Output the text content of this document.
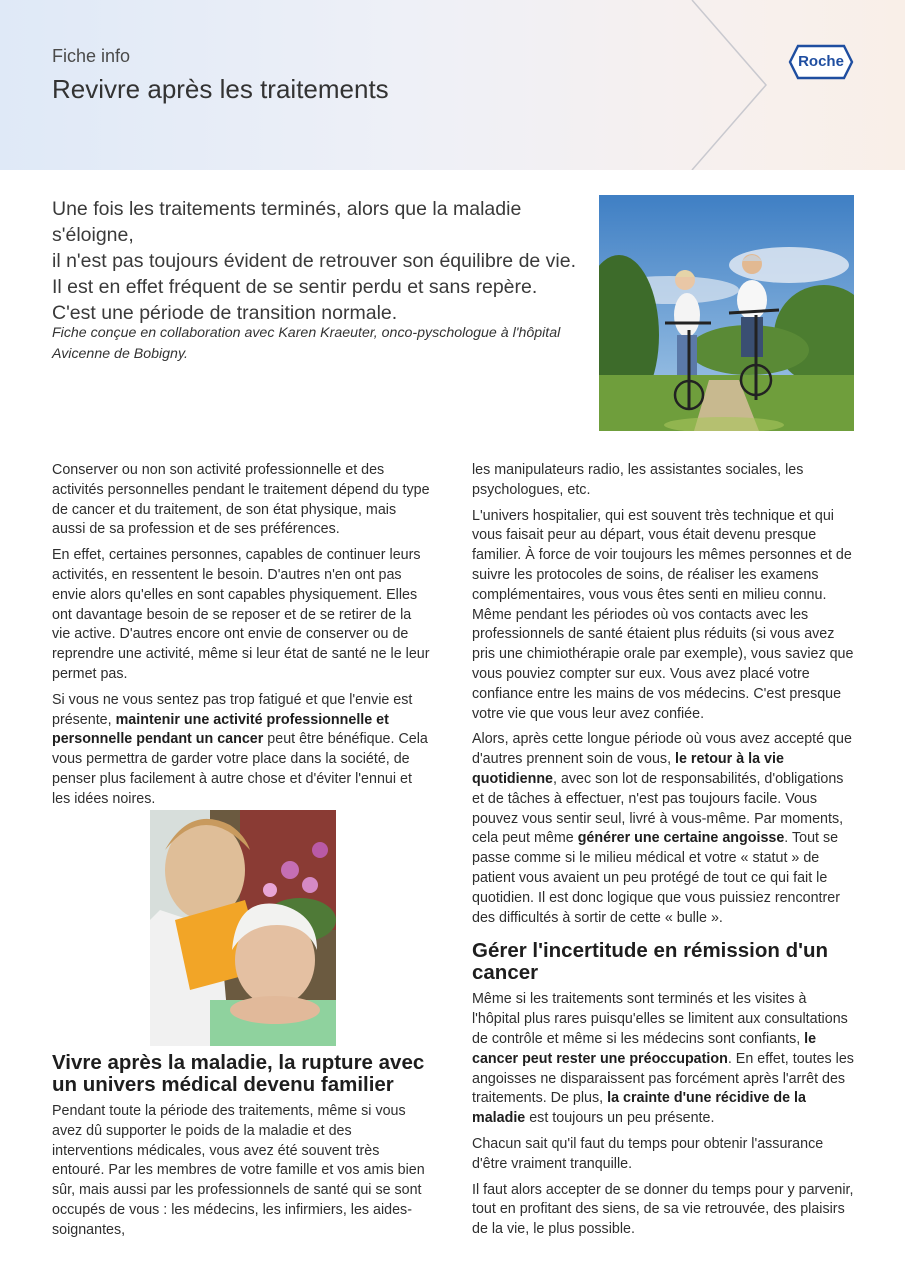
Fiche info
Revivre après les traitements
Roche

Une fois les traitements terminés, alors que la maladie s'éloigne,
il n'est pas toujours évident de retrouver son équilibre de vie.
Il est en effet fréquent de se sentir perdu et sans repère.
C'est une période de transition normale.

Fiche conçue en collaboration avec Karen Kraeuter, onco-pyschologue à l'hôpital Avicenne de Bobigny.

Conserver ou non son activité professionnelle et des activités personnelles pendant le traitement dépend du type de cancer et du traitement, de son état physique, mais aussi de sa profession et de ses préférences.

En effet, certaines personnes, capables de continuer leurs activités, en ressentent le besoin. D'autres n'en ont pas envie alors qu'elles en sont capables physiquement. Elles ont davantage besoin de se reposer et de se retirer de la vie active. D'autres encore ont envie de conserver ou de reprendre une activité, même si leur état de santé ne le leur permet pas.

Si vous ne vous sentez pas trop fatigué et que l'envie est présente, maintenir une activité professionnelle et personnelle pendant un cancer peut être bénéfique. Cela vous permettra de garder votre place dans la société, de penser plus facilement à autre chose et d'éviter l'ennui et les idées noires.

Vivre après la maladie, la rupture avec un univers médical devenu familier

Pendant toute la période des traitements, même si vous avez dû supporter le poids de la maladie et des interventions médicales, vous avez été souvent très entouré. Par les membres de votre famille et vos amis bien sûr, mais aussi par les professionnels de santé qui se sont occupés de vous : les médecins, les infirmiers, les aides-soignantes,

les manipulateurs radio, les assistantes sociales, les psychologues, etc.

L'univers hospitalier, qui est souvent très technique et qui vous faisait peur au départ, vous était devenu presque familier. À force de voir toujours les mêmes personnes et de suivre les protocoles de soins, de réaliser les examens complémentaires, vous vous êtes senti en milieu connu. Même pendant les périodes où vos contacts avec les professionnels de santé étaient plus réduits (si vous avez pris une chimiothérapie orale par exemple), vous saviez que vous pouviez compter sur eux. Vous avez placé votre confiance entre les mains de vos médecins. C'est presque votre vie que vous leur avez confiée.

Alors, après cette longue période où vous avez accepté que d'autres prennent soin de vous, le retour à la vie quotidienne, avec son lot de responsabilités, d'obligations et de tâches à effectuer, n'est pas toujours facile. Vous pouvez vous sentir seul, livré à vous-même. Par moments, cela peut même générer une certaine angoisse. Tout se passe comme si le milieu médical et votre « statut » de patient vous avaient un peu protégé de tout ce qui fait le quotidien. Il est donc logique que vous puissiez rencontrer des difficultés à sortir de cette « bulle ».

Gérer l'incertitude en rémission d'un cancer

Même si les traitements sont terminés et les visites à l'hôpital plus rares puisqu'elles se limitent aux consultations de contrôle et même si les médecins sont confiants, le cancer peut rester une préoccupation. En effet, toutes les angoisses ne disparaissent pas forcément après l'arrêt des traitements. De plus, la crainte d'une récidive de la maladie est toujours un peu présente.

Chacun sait qu'il faut du temps pour obtenir l'assurance d'être vraiment tranquille.

Il faut alors accepter de se donner du temps pour y parvenir, tout en profitant des siens, de sa vie retrouvée, des plaisirs de la vie, le plus possible.
